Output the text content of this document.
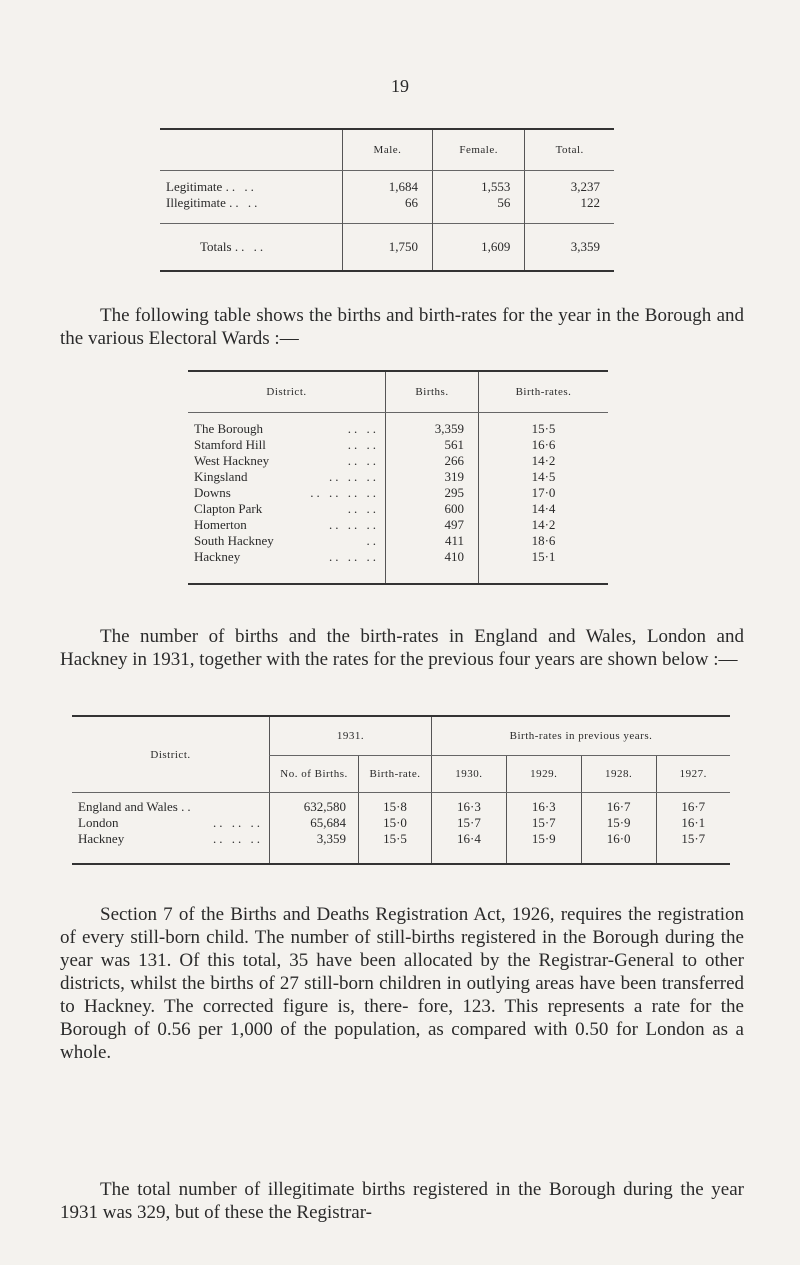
19
	Male.	Female.	Total.
Legitimate .. ..	1,684	1,553	3,237
Illegitimate .. ..	66	56	122
Totals .. ..	1,750	1,609	3,359
The following table shows the births and birth-rates for the year in the Borough and the various Electoral Wards :—
District.	Births.	Birth-rates.
The Borough .. ..	3,359	15·5
Stamford Hill .. ..	561	16·6
West Hackney .. ..	266	14·2
Kingsland .. .. ..	319	14·5
Downs .. .. .. ..	295	17·0
Clapton Park .. ..	600	14·4
Homerton .. .. ..	497	14·2
South Hackney ..	411	18·6
Hackney .. .. ..	410	15·1
The number of births and the birth-rates in England and Wales, London and Hackney in 1931, together with the rates for the previous four years are shown below :—
District.	1931.		Birth-rates in previous years.			
	No. of Births.	Birth-rate.	1930.	1929.	1928.	1927.
England and Wales ..	632,580	15·8	16·3	16·3	16·7	16·7
London .. .. ..	65,684	15·0	15·7	15·7	15·9	16·1
Hackney .. .. ..	3,359	15·5	16·4	15·9	16·0	15·7
Section 7 of the Births and Deaths Registration Act, 1926, requires the registration of every still-born child. The number of still-births registered in the Borough during the year was 131. Of this total, 35 have been allocated by the Registrar-General to other districts, whilst the births of 27 still-born children in outlying areas have been transferred to Hackney. The corrected figure is, there- fore, 123. This represents a rate for the Borough of 0.56 per 1,000 of the population, as compared with 0.50 for London as a whole.
The total number of illegitimate births registered in the Borough during the year 1931 was 329, but of these the Registrar-
